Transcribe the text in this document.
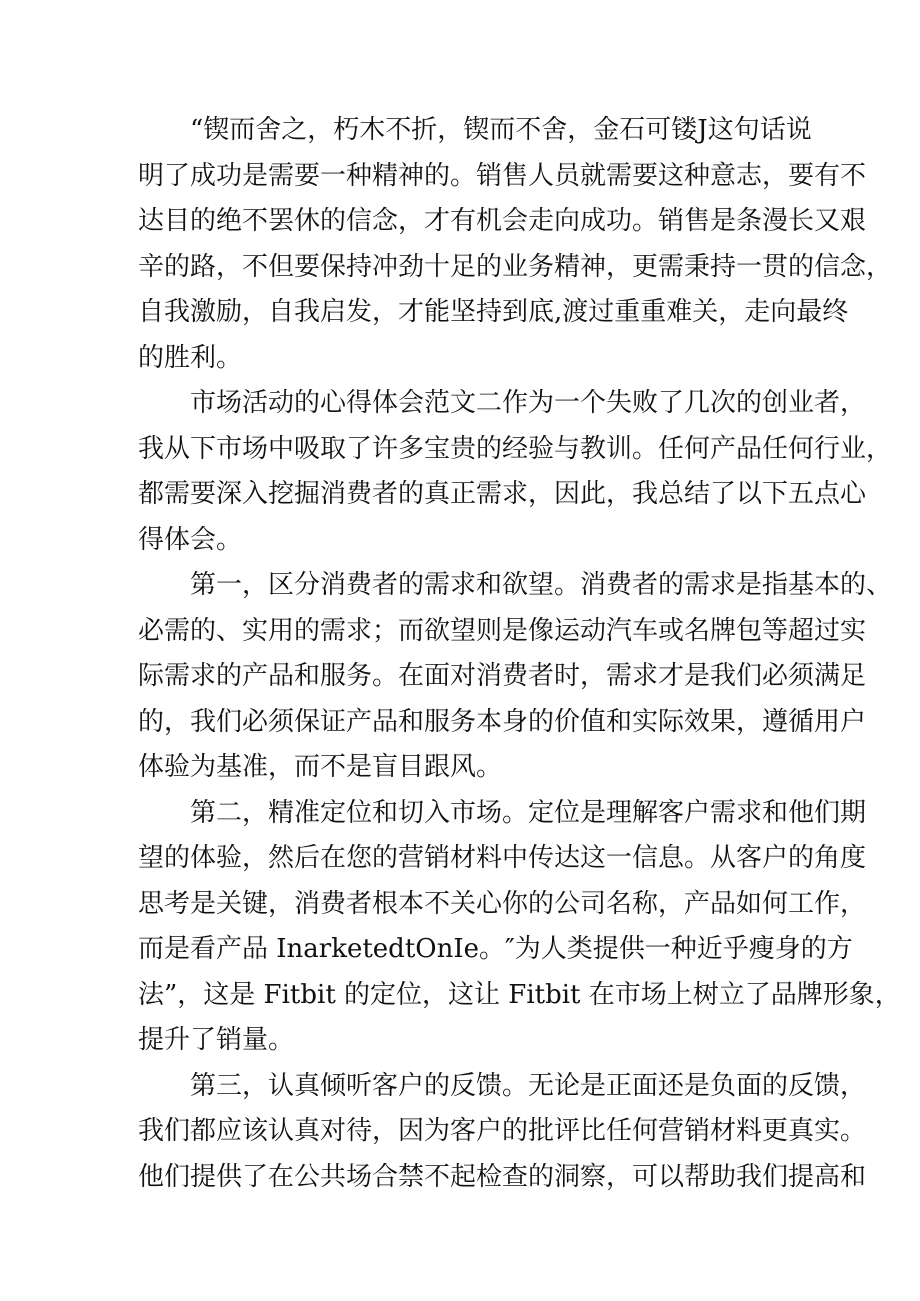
“锲而舍之，朽木不折，锲而不舍，金石可镂J这句话说
明了成功是需要一种精神的。销售人员就需要这种意志，要有不
达目的绝不罢休的信念，才有机会走向成功。销售是条漫长又艰
辛的路，不但要保持冲劲十足的业务精神，更需秉持一贯的信念，
自我激励，自我启发，才能坚持到底,渡过重重难关，走向最终
的胜利。
市场活动的心得体会范文二作为一个失败了几次的创业者，
我从下市场中吸取了许多宝贵的经验与教训。任何产品任何行业，
都需要深入挖掘消费者的真正需求，因此，我总结了以下五点心
得体会。
第一，区分消费者的需求和欲望。消费者的需求是指基本的、
必需的、实用的需求；而欲望则是像运动汽车或名牌包等超过实
际需求的产品和服务。在面对消费者时，需求才是我们必须满足
的，我们必须保证产品和服务本身的价值和实际效果，遵循用户
体验为基准，而不是盲目跟风。
第二，精准定位和切入市场。定位是理解客户需求和他们期
望的体验，然后在您的营销材料中传达这一信息。从客户的角度
思考是关键，消费者根本不关心你的公司名称，产品如何工作，
而是看产品 InarketedtOnIe。″为人类提供一种近乎瘦身的方
法”，这是 Fitbit 的定位，这让 Fitbit 在市场上树立了品牌形象，
提升了销量。
第三，认真倾听客户的反馈。无论是正面还是负面的反馈，
我们都应该认真对待，因为客户的批评比任何营销材料更真实。
他们提供了在公共场合禁不起检查的洞察，可以帮助我们提高和
